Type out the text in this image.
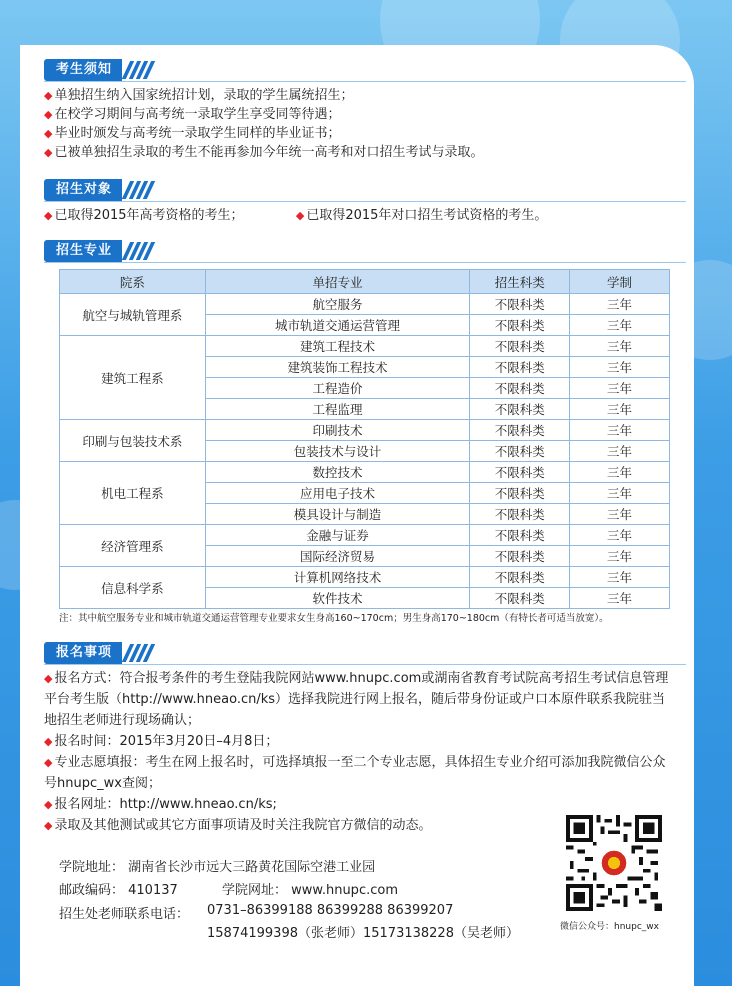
考生须知
◆ 单独招生纳入国家统招计划，录取的学生属统招生；
◆ 在校学习期间与高考统一录取学生享受同等待遇；
◆ 毕业时颁发与高考统一录取学生同样的毕业证书；
◆ 已被单独招生录取的考生不能再参加今年统一高考和对口招生考试与录取。
招生对象
◆ 已取得2015年高考资格的考生；	◆ 已取得2015年对口招生考试资格的考生。
招生专业
院系	单招专业	招生科类	学制
航空与城轨管理系	航空服务	不限科类	三年
	城市轨道交通运营管理	不限科类	三年
建筑工程系	建筑工程技术	不限科类	三年
	建筑装饰工程技术	不限科类	三年
	工程造价	不限科类	三年
	工程监理	不限科类	三年
印刷与包装技术系	印刷技术	不限科类	三年
	包装技术与设计	不限科类	三年
机电工程系	数控技术	不限科类	三年
	应用电子技术	不限科类	三年
	模具设计与制造	不限科类	三年
经济管理系	金融与证券	不限科类	三年
	国际经济贸易	不限科类	三年
信息科学系	计算机网络技术	不限科类	三年
	软件技术	不限科类	三年
注：其中航空服务专业和城市轨道交通运营管理专业要求女生身高160~170cm；男生身高170~180cm（有特长者可适当放宽）。
报名事项

◆ 报名方式：符合报考条件的考生登陆我院网站www.hnupc.com或湖南省教育考试院高考招生考试信息管理平台考生版（http://www.hneao.cn/ks）选择我院进行网上报名，随后带身份证或户口本原件联系我院驻当地招生老师进行现场确认；

◆ 报名时间：2015年3月20日–4月8日；

◆ 专业志愿填报：考生在网上报名时，可选择填报一至二个专业志愿，具体招生专业介绍可添加我院微信公众号hnupc_wx查阅；

◆ 报名网址：http://www.hneao.cn/ks;

◆ 录取及其他测试或其它方面事项请及时关注我院官方微信的动态。

学院地址： 湖南省长沙市远大三路黄花国际空港工业园
邮政编码： 410137	学院网址： www.hnupc.com
招生处老师联系电话： 0731–86399188 86399288 86399207
15874199398（张老师）15173138228（吴老师）	微信公众号：hnupc_wx
